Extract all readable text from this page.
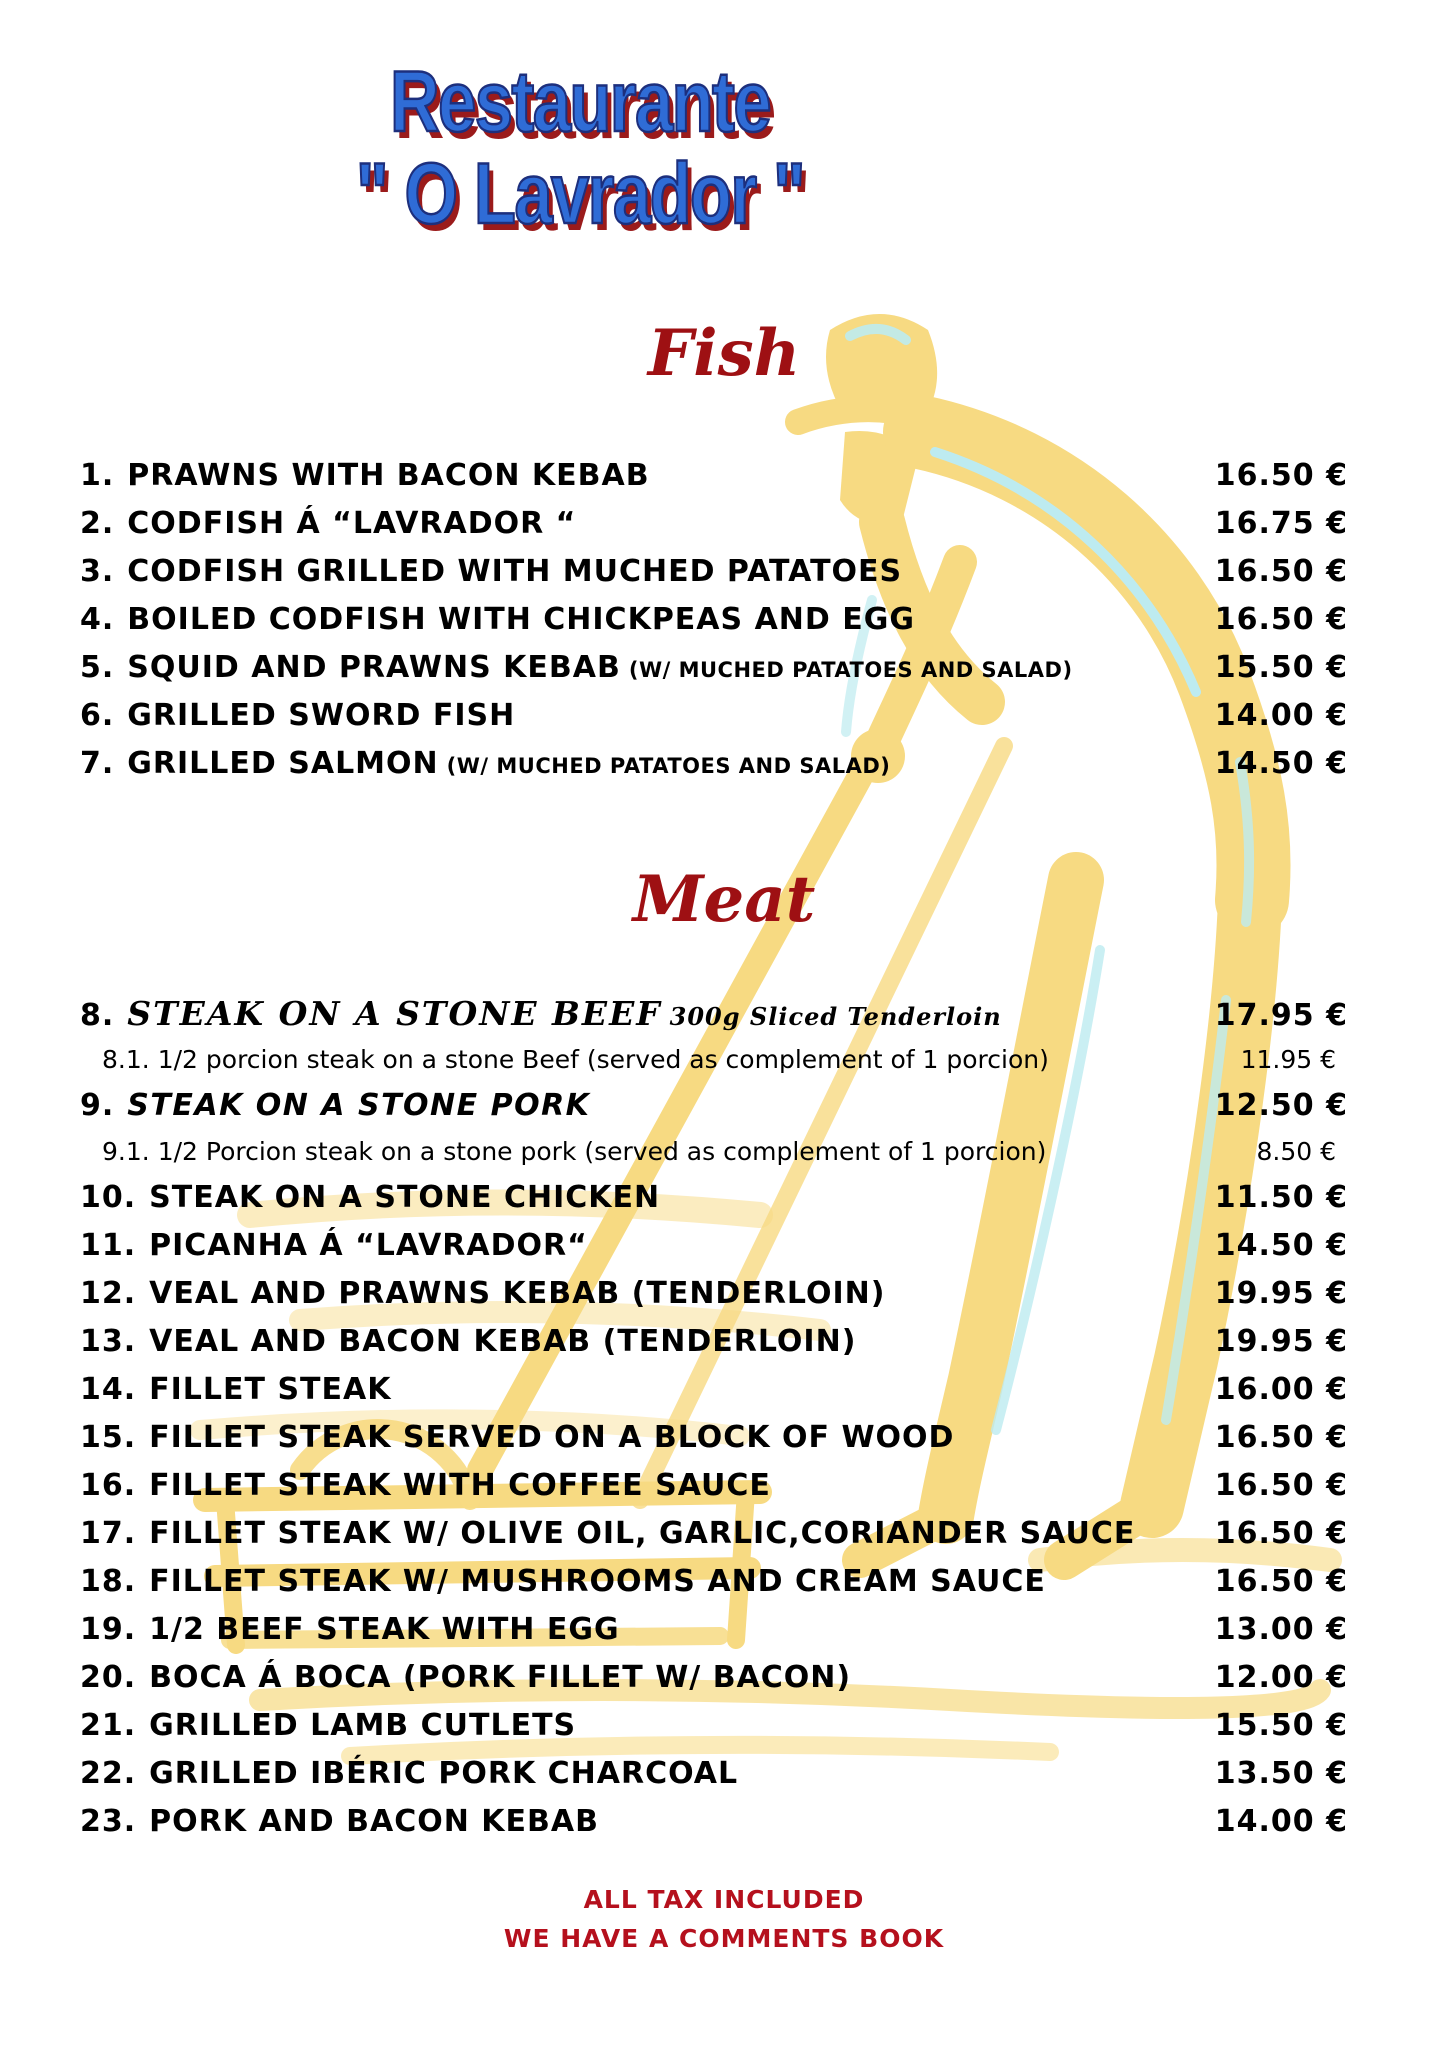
Restaurante
" O Lavrador "
Fish
1. PRAWNS WITH BACON KEBAB	16.50 €
2. CODFISH Á “LAVRADOR “	16.75 €
3. CODFISH GRILLED WITH MUCHED PATATOES	16.50 €
4. BOILED CODFISH WITH CHICKPEAS AND EGG	16.50 €
5. SQUID AND PRAWNS KEBAB (W/ MUCHED PATATOES AND SALAD)	15.50 €
6. GRILLED SWORD FISH	14.00 €
7. GRILLED SALMON (W/ MUCHED PATATOES AND SALAD)	14.50 €
Meat
8. STEAK ON A STONE BEEF 300g Sliced Tenderloin	17.95 €
8.1. 1/2 porcion steak on a stone Beef (served as complement of 1 porcion)	11.95 €
9. STEAK ON A STONE PORK	12.50 €
9.1. 1/2 Porcion steak on a stone pork (served as complement of 1 porcion)	8.50 €
10. STEAK ON A STONE CHICKEN	11.50 €
11. PICANHA Á “LAVRADOR“	14.50 €
12. VEAL AND PRAWNS KEBAB (TENDERLOIN)	19.95 €
13. VEAL AND BACON KEBAB (TENDERLOIN)	19.95 €
14. FILLET STEAK	16.00 €
15. FILLET STEAK SERVED ON A BLOCK OF WOOD	16.50 €
16. FILLET STEAK WITH COFFEE SAUCE	16.50 €
17. FILLET STEAK W/ OLIVE OIL, GARLIC,CORIANDER SAUCE	16.50 €
18. FILLET STEAK W/ MUSHROOMS AND CREAM SAUCE	16.50 €
19. 1/2 BEEF STEAK WITH EGG	13.00 €
20. BOCA Á BOCA (PORK FILLET W/ BACON)	12.00 €
21. GRILLED LAMB CUTLETS	15.50 €
22. GRILLED IBÉRIC PORK CHARCOAL	13.50 €
23. PORK AND BACON KEBAB	14.00 €
ALL TAX INCLUDED
WE HAVE A COMMENTS BOOK
